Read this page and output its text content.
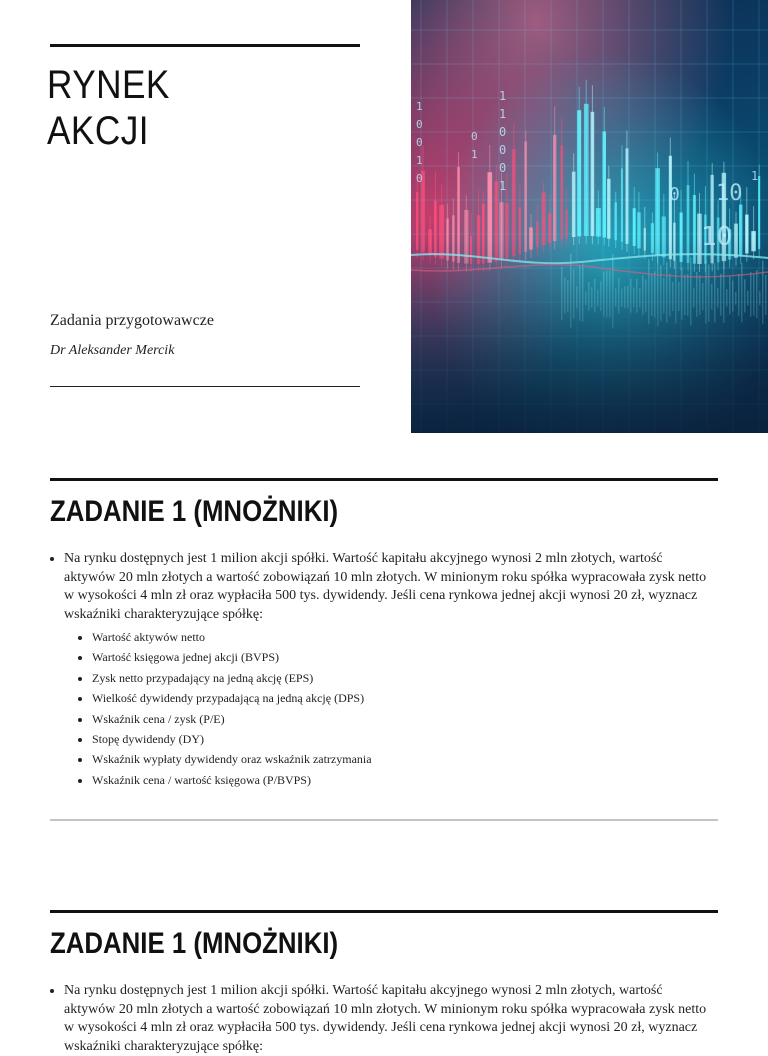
RYNEK
AKCJI
Zadania przygotowawcze
Dr Aleksander Mercik
ZADANIE 1 (MNOŻNIKI)
• Na rynku dostępnych jest 1 milion akcji spółki. Wartość kapitału akcyjnego wynosi 2 mln złotych, wartość aktywów 20 mln złotych a wartość zobowiązań 10 mln złotych. W minionym roku spółka wypracowała zysk netto w wysokości 4 mln zł oraz wypłaciła 500 tys. dywidendy. Jeśli cena rynkowa jednej akcji wynosi 20 zł, wyznacz wskaźniki charakteryzujące spółkę:
• Wartość aktywów netto
• Wartość księgowa jednej akcji (BVPS)
• Zysk netto przypadający na jedną akcję (EPS)
• Wielkość dywidendy przypadającą na jedną akcję (DPS)
• Wskaźnik cena / zysk (P/E)
• Stopę dywidendy (DY)
• Wskaźnik wypłaty dywidendy oraz wskaźnik zatrzymania
• Wskaźnik cena / wartość księgowa (P/BVPS)
ZADANIE 1 (MNOŻNIKI)
• Na rynku dostępnych jest 1 milion akcji spółki. Wartość kapitału akcyjnego wynosi 2 mln złotych, wartość aktywów 20 mln złotych a wartość zobowiązań 10 mln złotych. W minionym roku spółka wypracowała zysk netto w wysokości 4 mln zł oraz wypłaciła 500 tys. dywidendy. Jeśli cena rynkowa jednej akcji wynosi 20 zł, wyznacz wskaźniki charakteryzujące spółkę:
